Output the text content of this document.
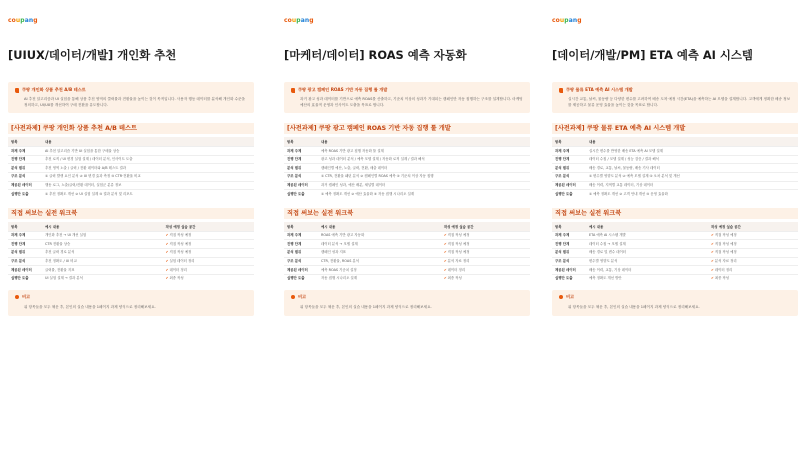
coupang
[UIUX/데이터/개발] 개인화 추천
쿠팡 개인화 상품 추천 A/B 테스트
AI 추천 알고리즘과 UI 실험을 통해 상품 추천 영역의 클릭률과 전환율을 높이는 것이 목적입니다. 사용자 행동 데이터를 분석해 개인화 수준을 정의하고, UI/UX를 개선하여 구매 전환을 유도합니다.
[사전과제] 쿠팡 개인화 상품 추천 A/B 테스트
항목	내용
과제 주제	AI 추천 알고리즘 기반 UI 실험을 통한 구매율 상승
진행 단계	추천 로직 / UI 변경 실험 설계 / 데이터 분석, 인사이트 도출
분석 범위	추천 영역 노출 / 클릭 / 전환 데이터와 A/B 테스트 결과
구조 분석	① 클릭 발생 요인 분석 ② UI 변경 효과 측정 ③ CTR·전환율 비교
제공된 데이터	행동 로그, 노출/클릭/전환 데이터, 실험군 분류 정보
실행단 도출	① 추천 정확도 개선 ② UI 실험 설계 ③ 결과 분석 및 리포트
직접 써보는 실전 워크북
항목	예시 내용	작성 예정 실습 공간
과제 주제	개인화 추천 → UI 개선 실험	✔직접 작성 예정
진행 단계	CTR 전환율 상승	✔직접 작성 예정
분석 범위	추천 클릭 경로 분석	✔직접 작성 예정
구조 분석	추천 정확도 / UI 비교	✔실험 데이터 정리
제공된 데이터	클릭률, 전환율 지표	✔데이터 정리
실행단 도출	UI 실험 설계 → 결과 분석	✔최종 작성
비고
위 항목들을 모두 채운 후, 본인의 실습 내용을 1페이지 과제 양식으로 정리해보세요.
coupang
[마케터/데이터] ROAS 예측 자동화
쿠팡 광고 캠페인 ROAS 기반 자동 집행 툴 개발
과거 광고 성과 데이터를 기반으로 예측 ROAS를 산출하고, 기준치 이상의 성과가 기대되는 캠페인만 자동 집행하는 구조를 설계합니다. 마케팅 예산의 효율적 운영과 인사이트 도출을 목표로 합니다.
[사전과제] 쿠팡 광고 캠페인 ROAS 기반 자동 집행 툴 개발
항목	내용
과제 주제	예측 ROAS 기반 광고 집행 자동화 툴 설계
진행 단계	광고 성과 데이터 분석 / 예측 모델 설계 / 자동화 로직 설계 / 결과 해석
분석 범위	캠페인별 예산, 노출, 클릭, 전환, 매출 데이터
구조 분석	① CTR, 전환율 패턴 분석 ② 캠페인별 ROAS 예측 ③ 기준치 이상 자동 집행
제공된 데이터	과거 캠페인 성과, 예산 배분, 채널별 데이터
실행단 도출	① 예측 정확도 개선 ② 예산 효율화 ③ 자동 집행 시나리오 설계
직접 써보는 실전 워크북
항목	예시 내용	작성 예정 실습 공간
과제 주제	ROAS 예측 기반 광고 자동화	✔직접 작성 예정
진행 단계	데이터 분석 → 모델 설계	✔직접 작성 예정
분석 범위	캠페인 성과 지표	✔직접 작성 예정
구조 분석	CTR, 전환율, ROAS 분석	✔분석 자료 정리
제공된 데이터	예측 ROAS 기준치 설정	✔데이터 정리
실행단 도출	자동 집행 시나리오 설계	✔최종 작성
비고
위 항목들을 모두 채운 후, 본인의 실습 내용을 1페이지 과제 양식으로 정리해보세요.
coupang
[데이터/개발/PM] ETA 예측 AI 시스템
쿠팡 물류 ETA 예측 AI 시스템 개발
실시간 교통, 날씨, 물동량 등 다양한 변수를 고려하여 배송 도착 예정 시간(ETA)을 예측하는 AI 모델을 설계합니다. 고객에게 정확한 배송 정보를 제공하고 물류 운영 효율을 높이는 것을 목표로 합니다.
[사전과제] 쿠팡 물류 ETA 예측 AI 시스템 개발
항목	내용
과제 주제	실시간 변수를 반영한 배송 ETA 예측 AI 모델 설계
진행 단계	데이터 수집 / 모델 설계 / 성능 검증 / 결과 해석
분석 범위	배송 경로, 교통, 날씨, 물동량, 배송 기사 데이터
구조 분석	① 변수별 영향도 분석 ② 예측 모델 설계 ③ 오차 분석 및 개선
제공된 데이터	배송 이력, 지역별 교통 데이터, 기상 데이터
실행단 도출	① 예측 정확도 개선 ② 고객 안내 개선 ③ 운영 효율화
직접 써보는 실전 워크북
항목	예시 내용	작성 예정 실습 공간
과제 주제	ETA 예측 AI 시스템 개발	✔직접 작성 예정
진행 단계	데이터 수집 → 모델 설계	✔직접 작성 예정
분석 범위	배송 경로 및 변수 데이터	✔직접 작성 예정
구조 분석	변수별 영향도 분석	✔분석 자료 정리
제공된 데이터	배송 이력, 교통, 기상 데이터	✔데이터 정리
실행단 도출	예측 정확도 개선 방안	✔최종 작성
비고
위 항목들을 모두 채운 후, 본인의 실습 내용을 1페이지 과제 양식으로 정리해보세요.
